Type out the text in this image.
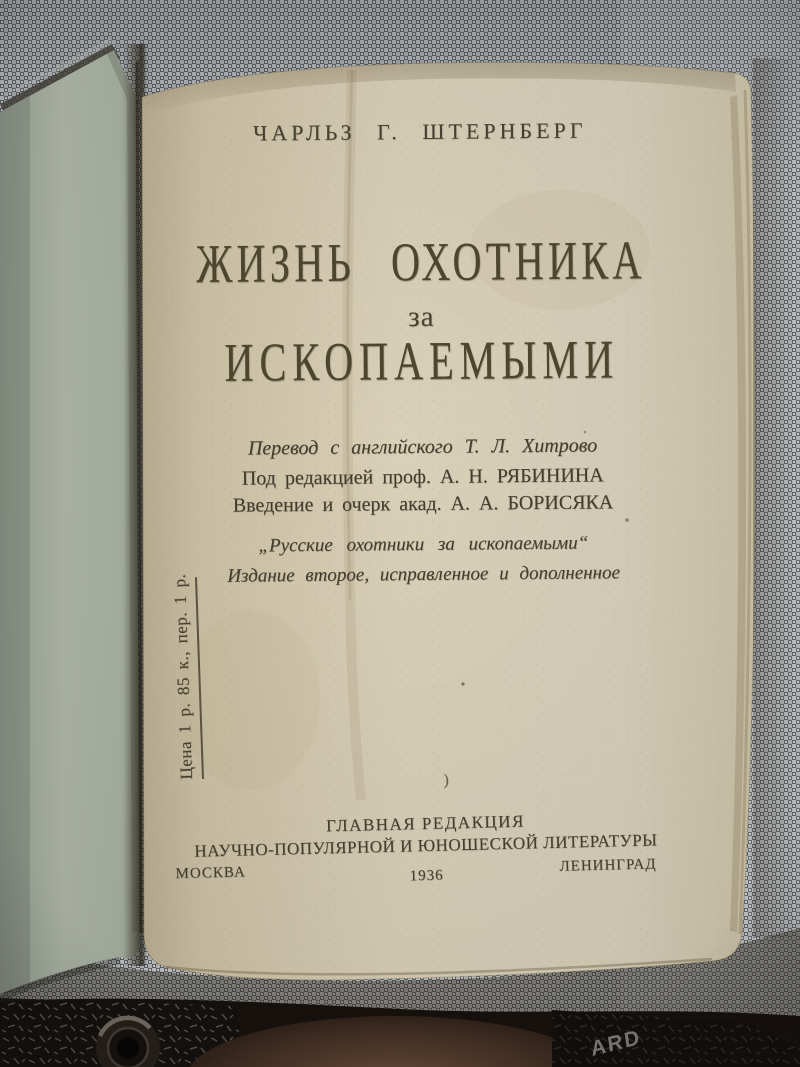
Цена 1 р. 85 к., пер. 1 р.
ЧАРЛЬЗ Г. ШТЕРНБЕРГ
ЖИЗНЬ ОХОТНИКА
за
ИСКОПАЕМЫМИ
Перевод с английского Т. Л. Хитрово
Под редакцией проф. А. Н. РЯБИНИНА
Введение и очерк акад. А. А. БОРИСЯКА
„Русские охотники за ископаемыми“
Издание второе, исправленное и дополненное
)
ГЛАВНАЯ РЕДАКЦИЯ
НАУЧНО-ПОПУЛЯРНОЙ И ЮНОШЕСКОЙ ЛИТЕРАТУРЫ
МОСКВА	1936
ЛЕНИНГРАД
